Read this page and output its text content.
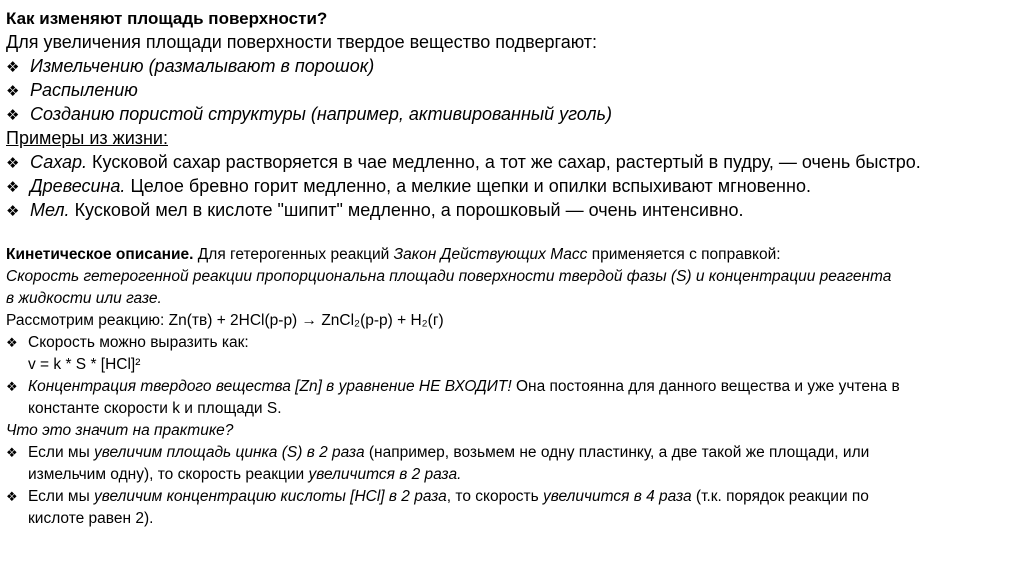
Как изменяют площадь поверхности?
Для увеличения площади поверхности твердое вещество подвергают:
❖ Измельчению (размалывают в порошок)
❖ Распылению
❖ Созданию пористой структуры (например, активированный уголь)
Примеры из жизни:
❖ Сахар. Кусковой сахар растворяется в чае медленно, а тот же сахар, растертый в пудру, — очень быстро.
❖ Древесина. Целое бревно горит медленно, а мелкие щепки и опилки вспыхивают мгновенно.
❖ Мел. Кусковой мел в кислоте "шипит" медленно, а порошковый — очень интенсивно.
Кинетическое описание. Для гетерогенных реакций Закон Действующих Масс применяется с поправкой:
Скорость гетерогенной реакции пропорциональна площади поверхности твердой фазы (S) и концентрации реагента
в жидкости или газе.
Рассмотрим реакцию: Zn(тв) + 2HCl(р-р) → ZnCl₂(р-р) + H₂(г)
❖ Скорость можно выразить как:
v = k * S * [HCl]²
❖ Концентрация твердого вещества [Zn] в уравнение НЕ ВХОДИТ! Она постоянна для данного вещества и уже учтена в
константе скорости k и площади S.
Что это значит на практике?
❖ Если мы увеличим площадь цинка (S) в 2 раза (например, возьмем не одну пластинку, а две такой же площади, или
измельчим одну), то скорость реакции увеличится в 2 раза.
❖ Если мы увеличим концентрацию кислоты [HCl] в 2 раза, то скорость увеличится в 4 раза (т.к. порядок реакции по
кислоте равен 2).
